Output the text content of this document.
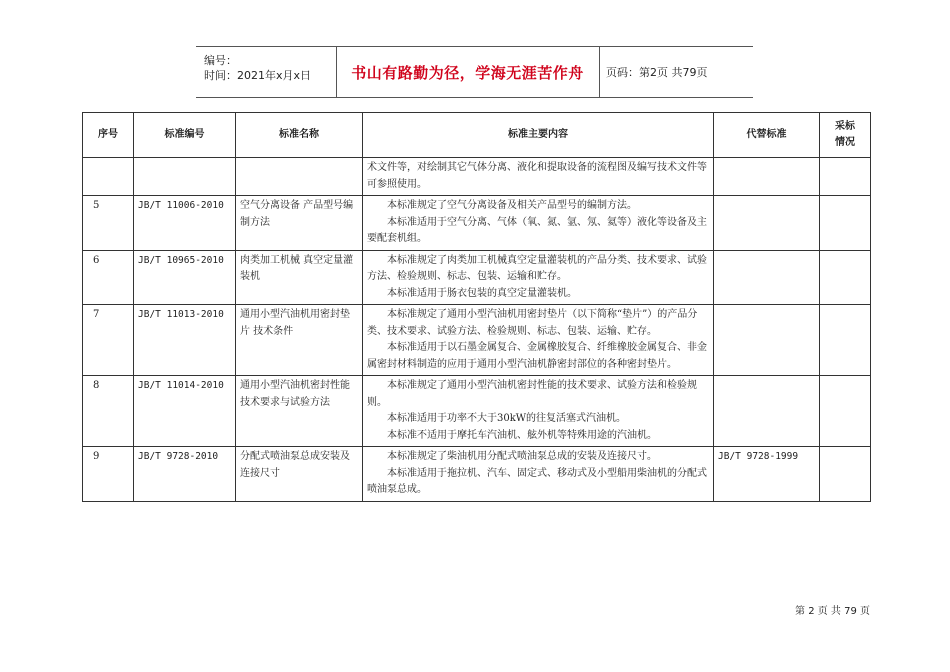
编号：
时间：2021年x月x日	书山有路勤为径，学海无涯苦作舟	页码：第2页 共79页
序号	标准编号	标准名称	标准主要内容	代替标准	采标
情况

			术文件等，对绘制其它气体分离、液化和提取设备的流程图及编写技术文件等可参照使用。		

5	JB/T 11006-2010	空气分离设备 产品型号编制方法	本标准规定了空气分离设备及相关产品型号的编制方法。

本标准适用于空气分离、气体（氧、氮、氩、氖、氦等）液化等设备及主要配套机组。		

6	JB/T 10965-2010	肉类加工机械 真空定量灌装机	本标准规定了肉类加工机械真空定量灌装机的产品分类、技术要求、试验方法、检验规则、标志、包装、运输和贮存。

本标准适用于肠衣包装的真空定量灌装机。		

7	JB/T 11013-2010	通用小型汽油机用密封垫片 技术条件	本标准规定了通用小型汽油机用密封垫片（以下简称“垫片”）的产品分类、技术要求、试验方法、检验规则、标志、包装、运输、贮存。

本标准适用于以石墨金属复合、金属橡胶复合、纤维橡胶金属复合、非金属密封材料制造的应用于通用小型汽油机静密封部位的各种密封垫片。		

8	JB/T 11014-2010	通用小型汽油机密封性能 技术要求与试验方法	本标准规定了通用小型汽油机密封性能的技术要求、试验方法和检验规则。

本标准适用于功率不大于30kW的往复活塞式汽油机。

本标准不适用于摩托车汽油机、舷外机等特殊用途的汽油机。		

9	JB/T 9728-2010	分配式喷油泵总成安装及连接尺寸	本标准规定了柴油机用分配式喷油泵总成的安装及连接尺寸。

本标准适用于拖拉机、汽车、固定式、移动式及小型船用柴油机的分配式喷油泵总成。	JB/T 9728-1999	
第 2 页 共 79 页
